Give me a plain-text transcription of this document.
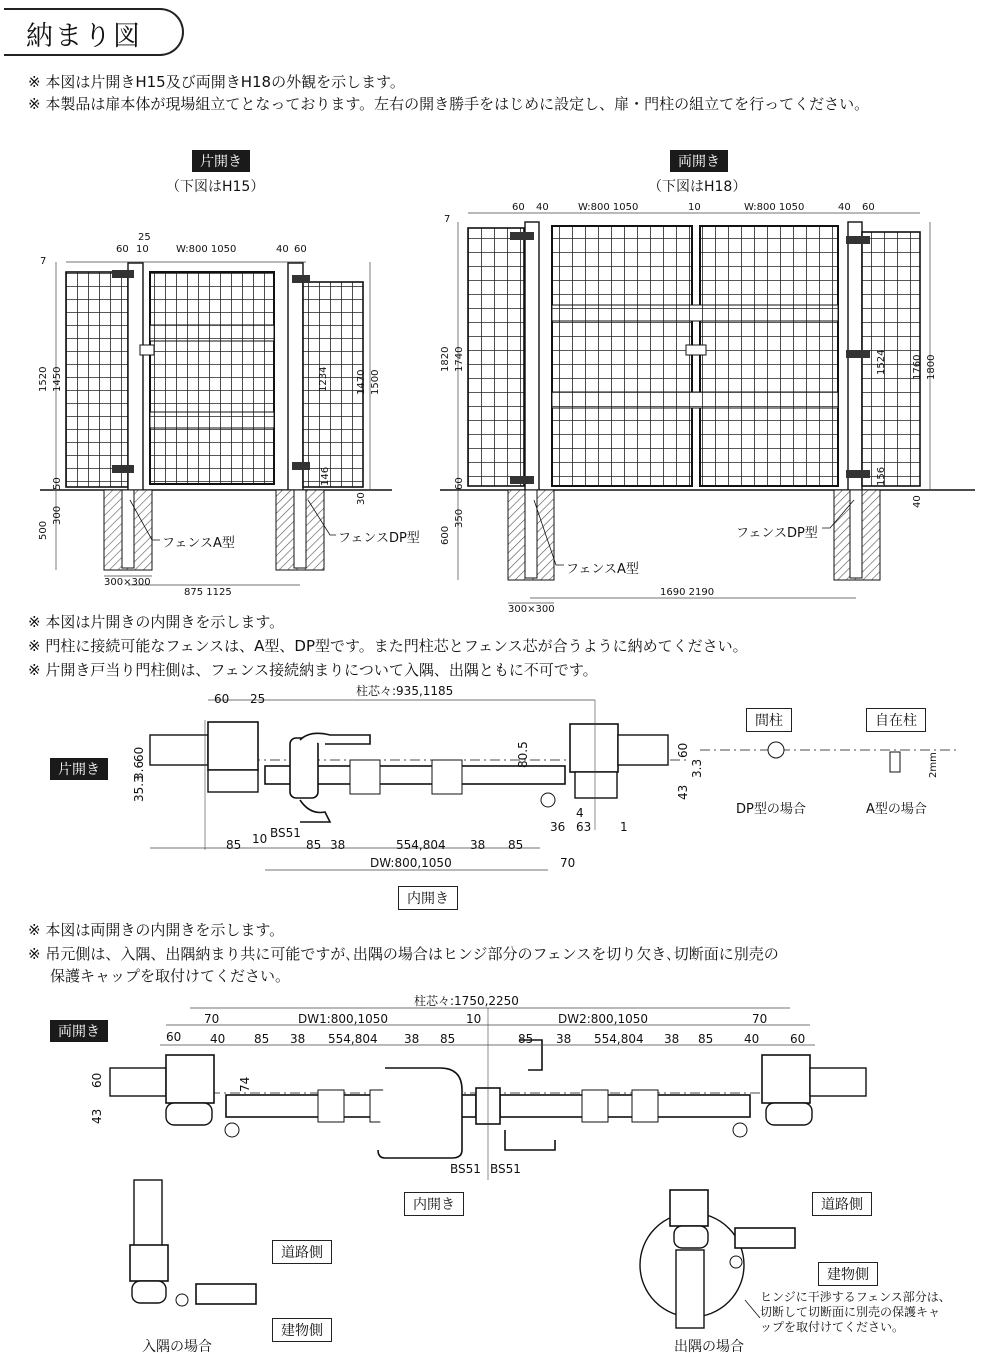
納まり図
※ 本図は片開きH15及び両開きH18の外観を示します。
※ 本製品は扉本体が現場組立てとなっております。左右の開き勝手をはじめに設定し、扉・門柱の組立てを行ってください。
片開き
（下図はH15）
7
60
25
10	W:800 1050	40 60
1520 1450
50
500
300
1234	1470 1500
146
30
300×300
875 1125
フェンスA型	フェンスDP型
両開き
（下図はH18）
7
60 40	W:800 1050	10	W:800 1050	40 60
1820 1740
60
600
350
1524	1760 1800
156
40
300×300
1690 2190
フェンスA型
フェンスDP型
※ 本図は片開きの内開きを示します。
※ 門柱に接続可能なフェンスは、A型、DP型です。また門柱芯とフェンス芯が合うように納めてください。
※ 片開き戸当り門柱側は、フェンス接続納まりについて入隅、出隅ともに不可です。
片開き
柱芯々:935,1185
60 25
80.5
60
3.6
35.3
60
3.3
43
4
36 63 1
85 10 BS51
85 38	554,804 38 85
DW:800,1050	70
内開き
間柱	自在柱
DP型の場合	A型の場合
2mm
※ 本図は両開きの内開きを示します。
※ 吊元側は、入隅、出隅納まり共に可能ですが､出隅の場合はヒンジ部分のフェンスを切り欠き､切断面に別売の
保護キャップを取付けてください。
両開き
柱芯々:1750,2250
70	DW1:800,1050	10	DW2:800,1050	70
60 40 85 38 554,804 38 85	85 38 554,804 38 85	40	60
60
43
74
BS51 BS51
内開き
道路側
建物側
入隅の場合
道路側
建物側
出隅の場合
ヒンジに干渉するフェンス部分は、
切断して切断面に別売の保護キャ
ップを取付けてください。
